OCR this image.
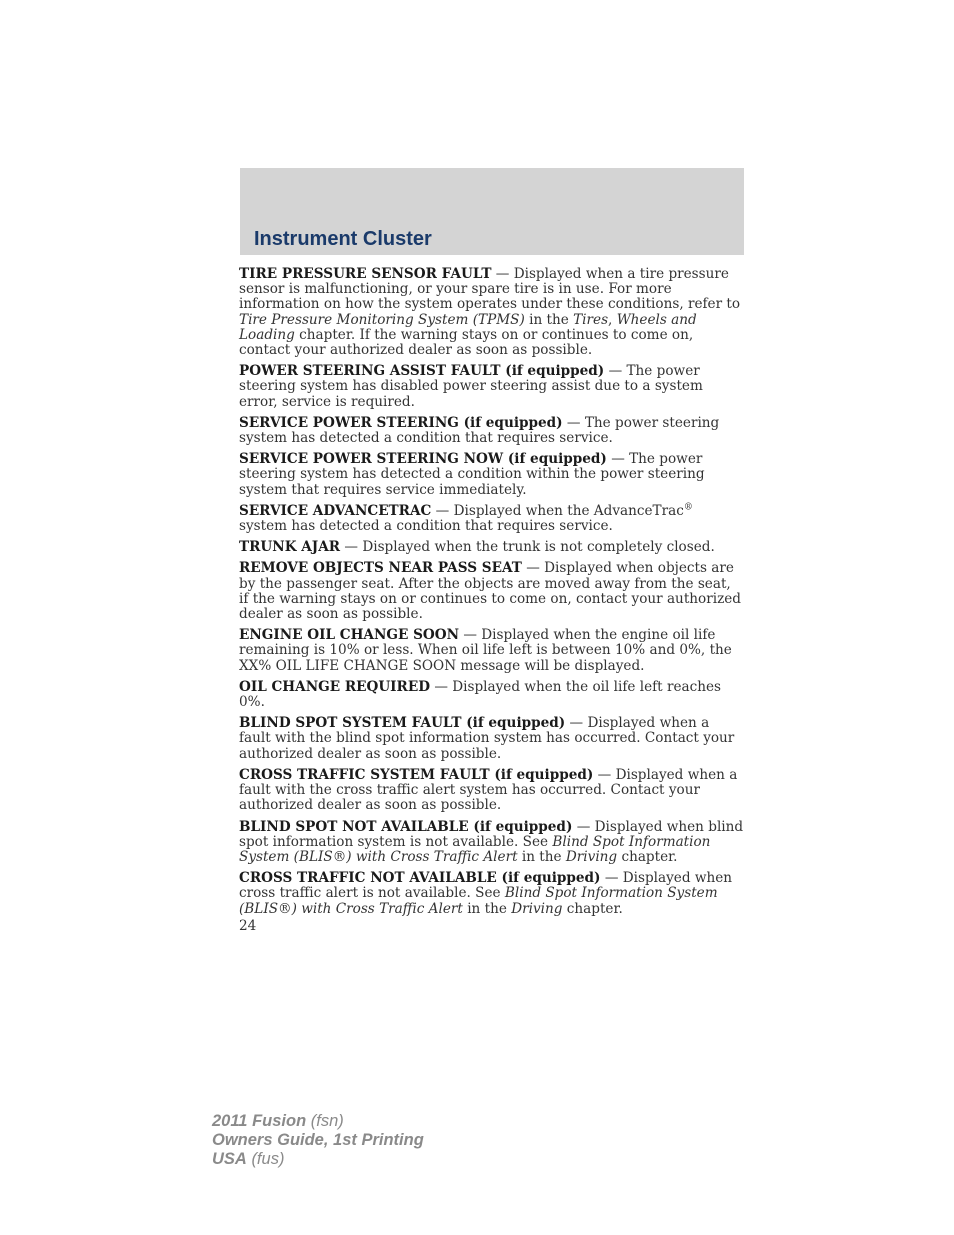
Instrument Cluster

TIRE PRESSURE SENSOR FAULT — Displayed when a tire pressure sensor is malfunctioning, or your spare tire is in use. For more information on how the system operates under these conditions, refer to Tire Pressure Monitoring System (TPMS) in the Tires, Wheels and Loading chapter. If the warning stays on or continues to come on, contact your authorized dealer as soon as possible.

POWER STEERING ASSIST FAULT (if equipped) — The power steering system has disabled power steering assist due to a system error, service is required.

SERVICE POWER STEERING (if equipped) — The power steering system has detected a condition that requires service.

SERVICE POWER STEERING NOW (if equipped) — The power steering system has detected a condition within the power steering system that requires service immediately.

SERVICE ADVANCETRAC — Displayed when the AdvanceTrac® system has detected a condition that requires service.

TRUNK AJAR — Displayed when the trunk is not completely closed.

REMOVE OBJECTS NEAR PASS SEAT — Displayed when objects are by the passenger seat. After the objects are moved away from the seat, if the warning stays on or continues to come on, contact your authorized dealer as soon as possible.

ENGINE OIL CHANGE SOON — Displayed when the engine oil life remaining is 10% or less. When oil life left is between 10% and 0%, the XX% OIL LIFE CHANGE SOON message will be displayed.

OIL CHANGE REQUIRED — Displayed when the oil life left reaches 0%.

BLIND SPOT SYSTEM FAULT (if equipped) — Displayed when a fault with the blind spot information system has occurred. Contact your authorized dealer as soon as possible.

CROSS TRAFFIC SYSTEM FAULT (if equipped) — Displayed when a fault with the cross traffic alert system has occurred. Contact your authorized dealer as soon as possible.

BLIND SPOT NOT AVAILABLE (if equipped) — Displayed when blind spot information system is not available. See Blind Spot Information System (BLIS®) with Cross Traffic Alert in the Driving chapter.

CROSS TRAFFIC NOT AVAILABLE (if equipped) — Displayed when cross traffic alert is not available. See Blind Spot Information System (BLIS®) with Cross Traffic Alert in the Driving chapter.

24
2011 Fusion (fsn)
Owners Guide, 1st Printing
USA (fus)
